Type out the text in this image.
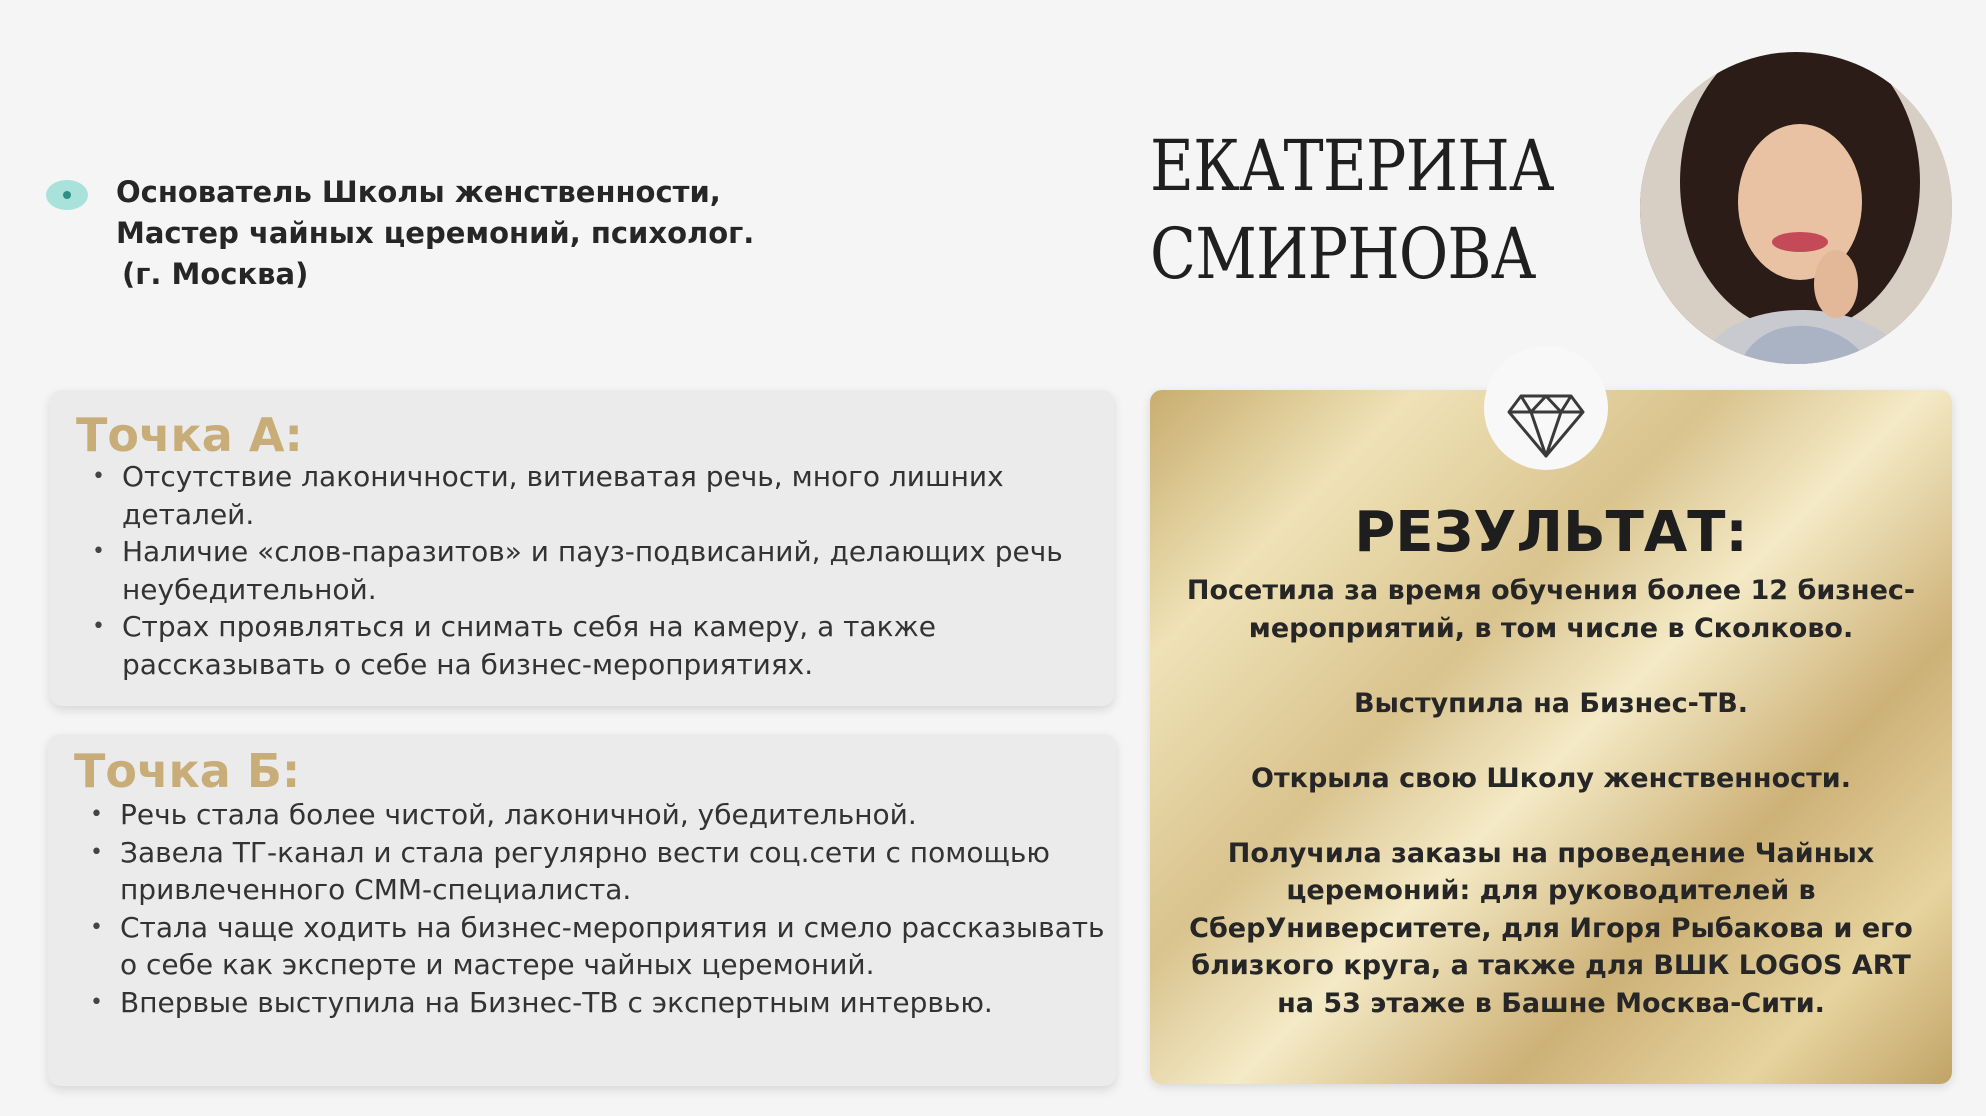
Основатель Школы женственности,
Мастер чайных церемоний, психолог.
(г. Москва)
ЕКАТЕРИНА
СМИРНОВА
Точка А:
• Отсутствие лаконичности, витиеватая речь, много лишних деталей.
• Наличие «слов-паразитов» и пауз-подвисаний, делающих речь неубедительной.
• Страх проявляться и снимать себя на камеру, а также рассказывать о себе на бизнес-мероприятиях.
Точка Б:
• Речь стала более чистой, лаконичной, убедительной.
• Завела ТГ-канал и стала регулярно вести соц.сети с помощью привлеченного СММ-специалиста.
• Стала чаще ходить на бизнес-мероприятия и смело рассказывать о себе как эксперте и мастере чайных церемоний.
• Впервые выступила на Бизнес-ТВ с экспертным интервью.
РЕЗУЛЬТАТ:
Посетила за время обучения более 12 бизнес-
мероприятий, в том числе в Сколково.
Выступила на Бизнес-ТВ.
Открыла свою Школу женственности.
Получила заказы на проведение Чайных
церемоний: для руководителей в
СберУниверситете, для Игоря Рыбакова и его
близкого круга, а также для ВШК LOGOS ART
на 53 этаже в Башне Москва-Сити.
